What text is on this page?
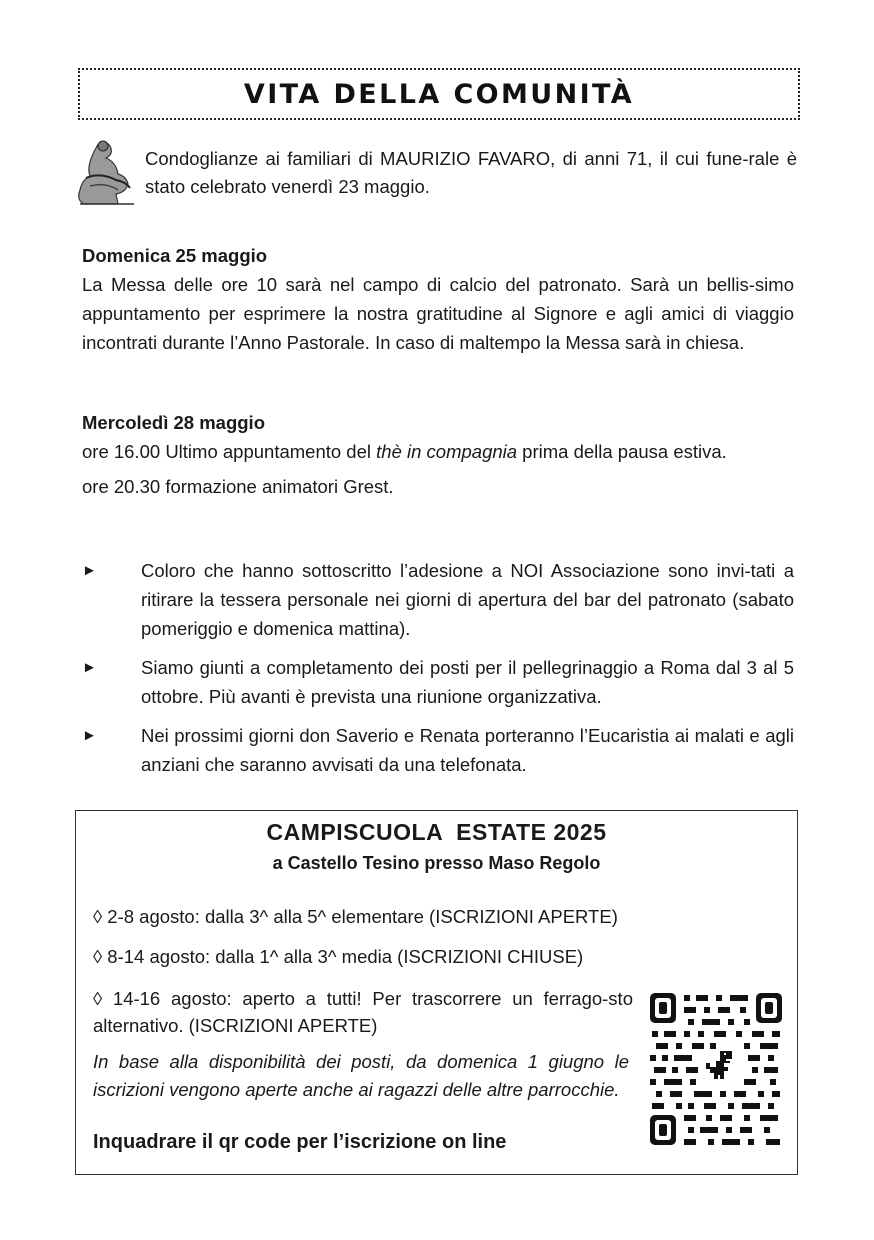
VITA DELLA COMUNITÀ

Condoglianze ai familiari di MAURIZIO FAVARO, di anni 71, il cui fune-rale è stato celebrato venerdì 23 maggio.

Domenica 25 maggio

La Messa delle ore 10 sarà nel campo di calcio del patronato. Sarà un bellis-simo appuntamento per esprimere la nostra gratitudine al Signore e agli amici di viaggio incontrati durante l’Anno Pastorale. In caso di maltempo la Messa sarà in chiesa.

Mercoledì 28 maggio

ore 16.00 Ultimo appuntamento del thè in compagnia prima della pausa estiva.

ore 20.30 formazione animatori Grest.

►	Coloro che hanno sottoscritto l’adesione a NOI Associazione sono invi-tati a ritirare la tessera personale nei giorni di apertura del bar del patronato (sabato pomeriggio e domenica mattina).
►	Siamo giunti a completamento dei posti per il pellegrinaggio a Roma dal 3 al 5 ottobre. Più avanti è prevista una riunione organizzativa.
►	Nei prossimi giorni don Saverio e Renata porteranno l’Eucaristia ai malati e agli anziani che saranno avvisati da una telefonata.
CAMPISCUOLA  ESTATE 2025
a Castello Tesino presso Maso Regolo

◊ 2-8 agosto: dalla 3^ alla 5^ elementare (ISCRIZIONI APERTE)

◊ 8-14 agosto: dalla 1^ alla 3^ media (ISCRIZIONI CHIUSE)

◊ 14-16 agosto: aperto a tutti! Per trascorrere un ferrago-sto alternativo. (ISCRIZIONI APERTE)

In base alla disponibilità dei posti, da domenica 1 giugno le iscrizioni vengono aperte anche ai ragazzi delle altre parrocchie.

Inquadrare il qr code per l’iscrizione on line
